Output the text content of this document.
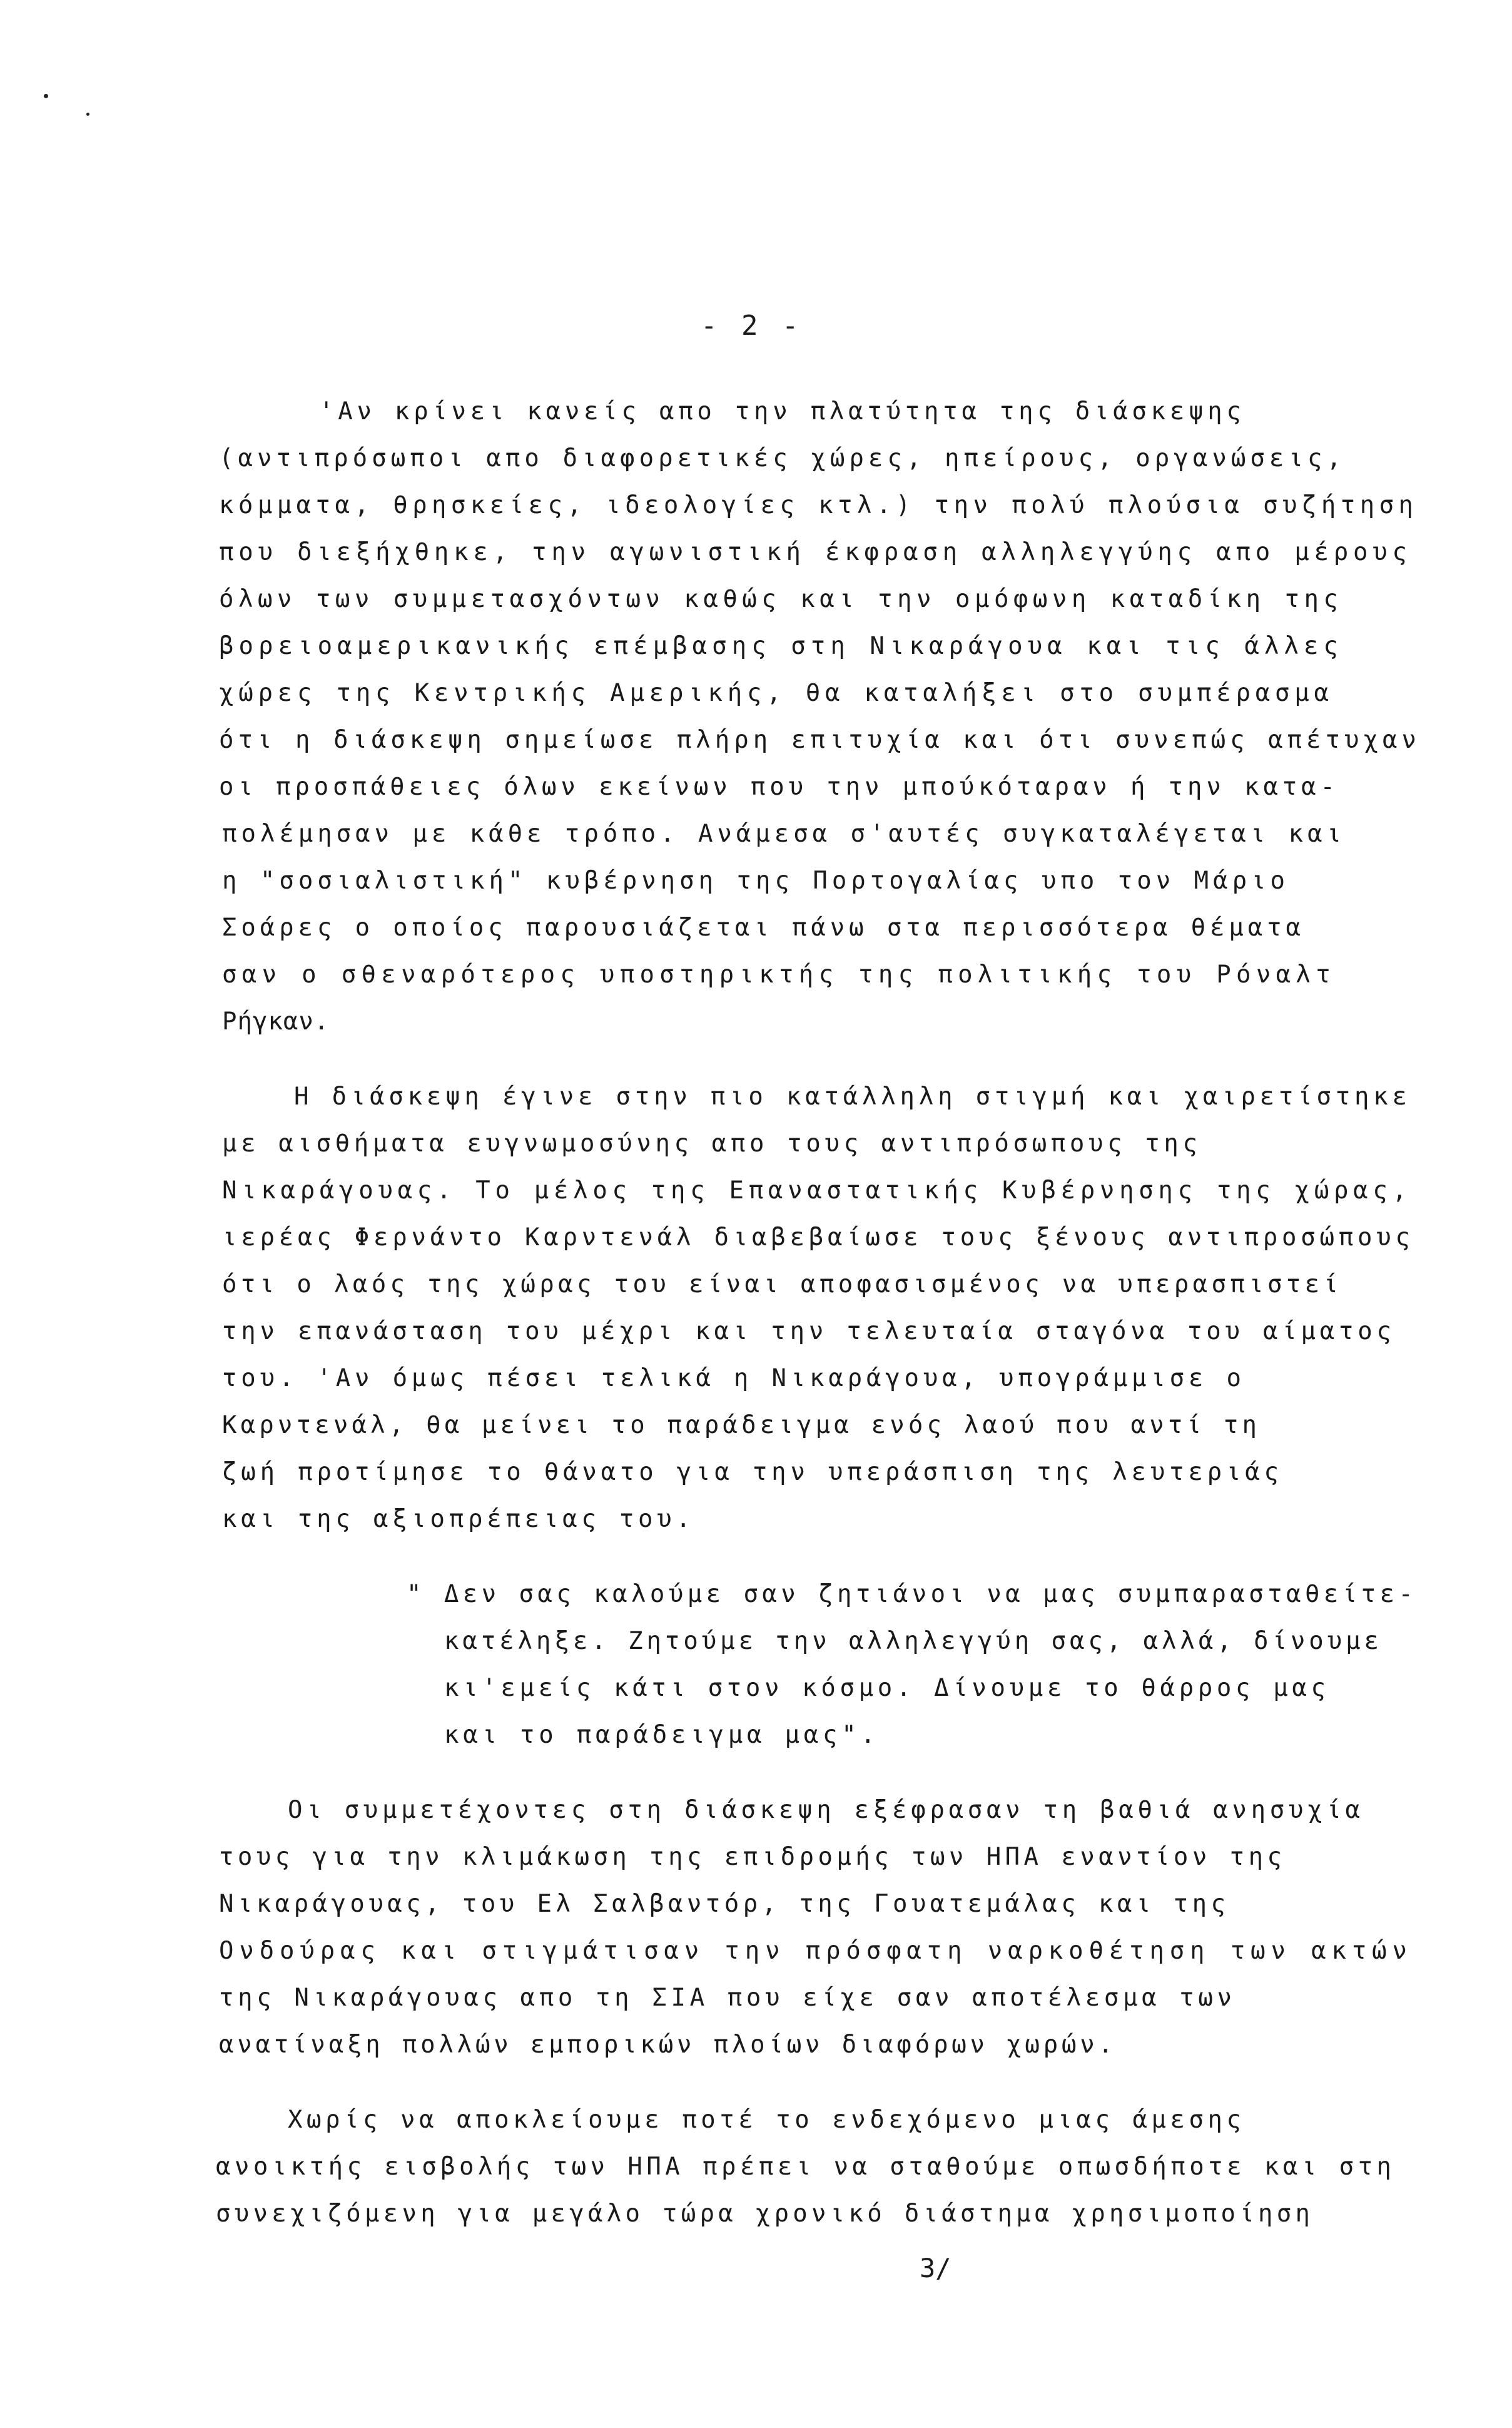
- 2 -
'Αν κρίνει κανείς απο την πλατύτητα της διάσκεψης
(αντιπρόσωποι απο διαφορετικές χώρες, ηπείρους, οργανώσεις,
κόμματα, θρησκείες, ιδεολογίες κτλ.) την πολύ πλούσια συζήτηση
που διεξήχθηκε, την αγωνιστική έκφραση αλληλεγγύης απο μέρους
όλων των συμμετασχόντων καθώς και την ομόφωνη καταδίκη της
βορειοαμερικανικής επέμβασης στη Νικαράγουα και τις άλλες
χώρες της Κεντρικής Αμερικής, θα καταλήξει στο συμπέρασμα
ότι η διάσκεψη σημείωσε πλήρη επιτυχία και ότι συνεπώς απέτυχαν
οι προσπάθειες όλων εκείνων που την μπούκόταραν ή την κατα-
πολέμησαν με κάθε τρόπο. Ανάμεσα σ'αυτές συγκαταλέγεται και
η "σοσιαλιστική" κυβέρνηση της Πορτογαλίας υπο τον Μάριο
Σοάρες ο οποίος παρουσιάζεται πάνω στα περισσότερα θέματα
σαν ο σθεναρότερος υποστηρικτής της πολιτικής του Ρόναλτ
Ρήγκαν.
Η διάσκεψη έγινε στην πιο κατάλληλη στιγμή και χαιρετίστηκε
με αισθήματα ευγνωμοσύνης απο τους αντιπρόσωπους της
Νικαράγουας. Το μέλος της Επαναστατικής Κυβέρνησης της χώρας,
ιερέας Φερνάντο Καρντενάλ διαβεβαίωσε τους ξένους αντιπροσώπους
ότι ο λαός της χώρας του είναι αποφασισμένος να υπερασπιστεί
την επανάσταση του μέχρι και την τελευταία σταγόνα του αίματος
του. 'Αν όμως πέσει τελικά η Νικαράγουα, υπογράμμισε ο
Καρντενάλ, θα μείνει το παράδειγμα ενός λαού που αντί τη
ζωή προτίμησε το θάνατο για την υπεράσπιση της λευτεριάς
και της αξιοπρέπειας του.
" Δεν σας καλούμε σαν ζητιάνοι να μας συμπαρασταθείτε-
κατέληξε. Ζητούμε την αλληλεγγύη σας, αλλά, δίνουμε
κι'εμείς κάτι στον κόσμο. Δίνουμε το θάρρος μας
και το παράδειγμα μας".
Οι συμμετέχοντες στη διάσκεψη εξέφρασαν τη βαθιά ανησυχία
τους για την κλιμάκωση της επιδρομής των ΗΠΑ εναντίον της
Νικαράγουας, του Ελ Σαλβαντόρ, της Γουατεμάλας και της
Ονδούρας και στιγμάτισαν την πρόσφατη ναρκοθέτηση των ακτών
της Νικαράγουας απο τη ΣΙΑ που είχε σαν αποτέλεσμα των
ανατίναξη πολλών εμπορικών πλοίων διαφόρων χωρών.
Χωρίς να αποκλείουμε ποτέ το ενδεχόμενο μιας άμεσης
ανοικτής εισβολής των ΗΠΑ πρέπει να σταθούμε οπωσδήποτε και στη
συνεχιζόμενη για μεγάλο τώρα χρονικό διάστημα χρησιμοποίηση
3/
